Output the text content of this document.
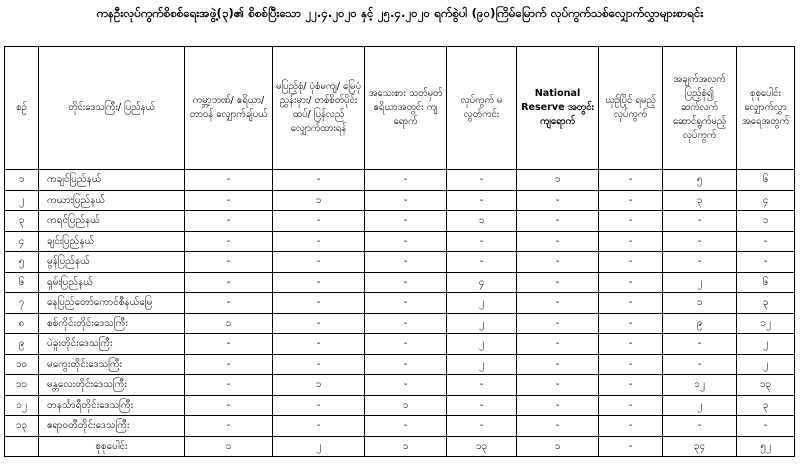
ကနဦးလုပ်ကွက်စိစစ်ရေးအဖွဲ့(၃)၏ စိစစ်ပြီးသော ၂၂.၄.၂၀၂၀ နှင့် ၂၅.၄.၂၀၂၀ ရက်စွဲပါ (၉၀)ကြိမ်မြောက် လုပ်ကွက်သစ်လျှောက်လွှာများစာရင်း
စဉ်	တိုင်းဒေသကြီး/ ပြည်နယ်	ကမ္ဘာ့ဘဏ်/ ဧရိယာ/တာဝန် လျှောက်ချ်ပယ်	မပြည့်စုံ/ ပုံစံမကျ/ မြေပုံညွှန်းမှား/ တစ်စိတ်ပိုင်းထပ်/ ပြန်လည် လျှောက်ထားရန်	အသေးစား သတ်မှတ် ဧရိယာအတွင်း ကျရောက်	လုပ်ကွက် မလွတ်ကင်း	National Reserve အတွင်း ကျရောက်	ယှဉ်ပြိုင် ရမည့် လုပ်ကွက်	အချက်အလက် ပြည့်စုံ၍ ဆက်လက် ဆောင်ရွက်မည့် လုပ်ကွက်	စုစုပေါင်း လျှောက်လွှာ အရေအတွက်
၁	ကချင်ပြည်နယ်	-	-	-	-	၁	-	၅	၆
၂	ကယားပြည်နယ်	-	၁	-	-	-	-	၃	၄
၃	ကရင်ပြည်နယ်	-	-	-	၁	-	-	-	၁
၄	ချင်းပြည်နယ်	-	-	-	-	-	-	-	-
၅	မွန်ပြည်နယ်	-	-	-	-	-	-	-	-
၆	ရှမ်းပြည်နယ်	-	-	-	၄	-	-	၂	၆
၇	နေပြည်တော်ကောင်စီနယ်မြေ	-	-	-	၂	-	-	၁	၃
၈	စစ်ကိုင်းတိုင်းဒေသကြီး	၁	-	-	၂	-	-	၉	၁၂
၉	ပဲခူးတိုင်းဒေသကြီး	-	-	-	၂	-	-	-	၂
၁၀	မကွေးတိုင်းဒေသကြီး	-	-	-	၂	-	-	-	၂
၁၁	မန္တလေးတိုင်းဒေသကြီး	-	၁	-	-	-	-	၁၂	၁၃
၁၂	တနင်္သာရီတိုင်းဒေသကြီး	-	-	၁	-	-	-	၂	၃
၁၃	ဧရာဝတီတိုင်းဒေသကြီး	-	-	-	-	-	-	-	-
	စုစုပေါင်း	၁	၂	၁	၁၃	၁	-	၃၄	၅၂
